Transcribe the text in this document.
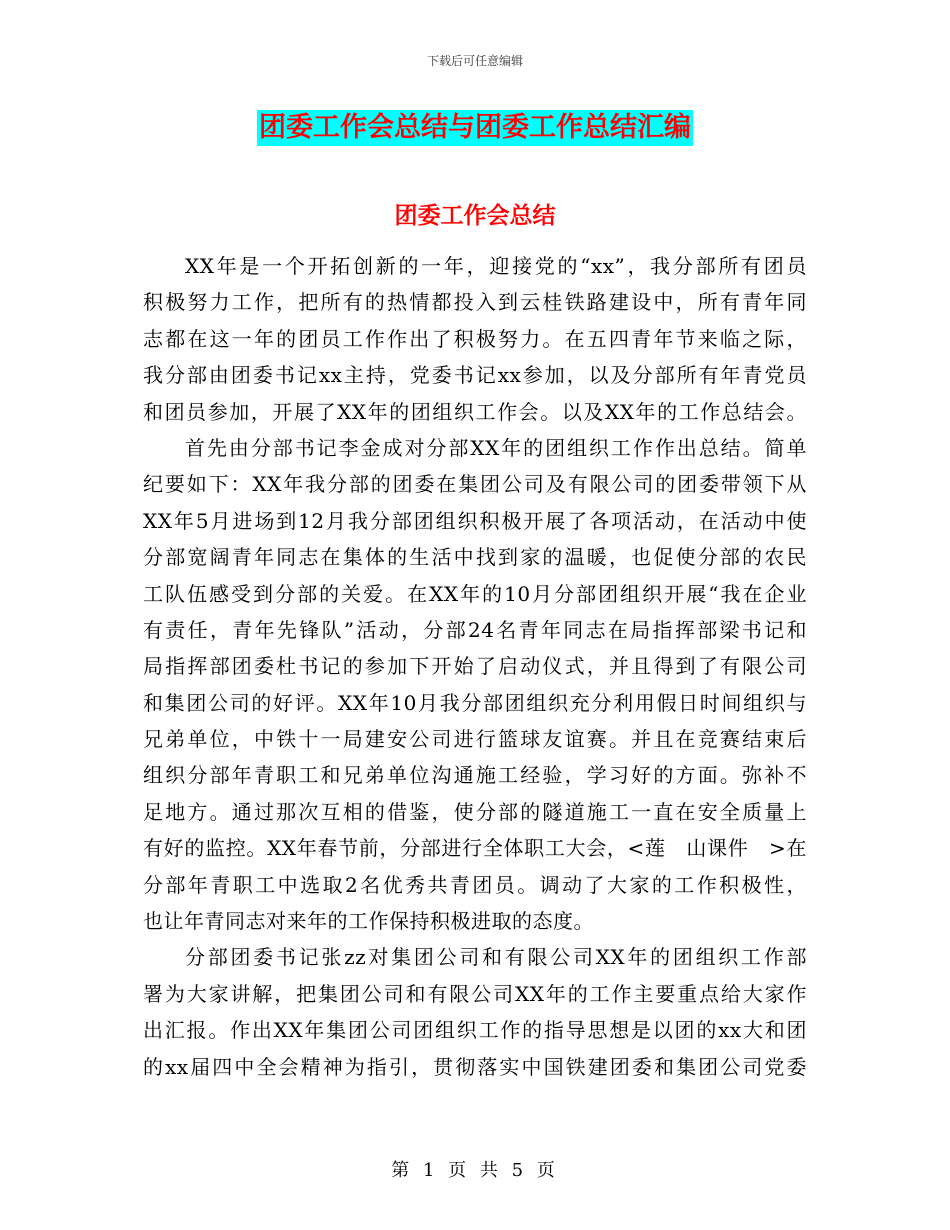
下载后可任意编辑
团委工作会总结与团委工作总结汇编
团委工作会总结
XX年是一个开拓创新的一年，迎接党的“xx”，我分部所有团员
积极努力工作，把所有的热情都投入到云桂铁路建设中，所有青年同
志都在这一年的团员工作作出了积极努力。在五四青年节来临之际，
我分部由团委书记xx主持，党委书记xx参加，以及分部所有年青党员
和团员参加，开展了XX年的团组织工作会。以及XX年的工作总结会。
首先由分部书记李金成对分部XX年的团组织工作作出总结。简单
纪要如下：XX年我分部的团委在集团公司及有限公司的团委带领下从
XX年5月进场到12月我分部团组织积极开展了各项活动，在活动中使
分部宽阔青年同志在集体的生活中找到家的温暖，也促使分部的农民
工队伍感受到分部的关爱。在XX年的10月分部团组织开展“我在企业
有责任，青年先锋队”活动，分部24名青年同志在局指挥部梁书记和
局指挥部团委杜书记的参加下开始了启动仪式，并且得到了有限公司
和集团公司的好评。XX年10月我分部团组织充分利用假日时间组织与
兄弟单位，中铁十一局建安公司进行篮球友谊赛。并且在竞赛结束后
组织分部年青职工和兄弟单位沟通施工经验，学习好的方面。弥补不
足地方。通过那次互相的借鉴，使分部的隧道施工一直在安全质量上
有好的监控。XX年春节前，分部进行全体职工大会，<莲　山课件　>在
分部年青职工中选取2名优秀共青团员。调动了大家的工作积极性，
也让年青同志对来年的工作保持积极进取的态度。
分部团委书记张zz对集团公司和有限公司XX年的团组织工作部
署为大家讲解，把集团公司和有限公司XX年的工作主要重点给大家作
出汇报。作出XX年集团公司团组织工作的指导思想是以团的xx大和团
的xx届四中全会精神为指引，贯彻落实中国铁建团委和集团公司党委
第 1 页 共 5 页
